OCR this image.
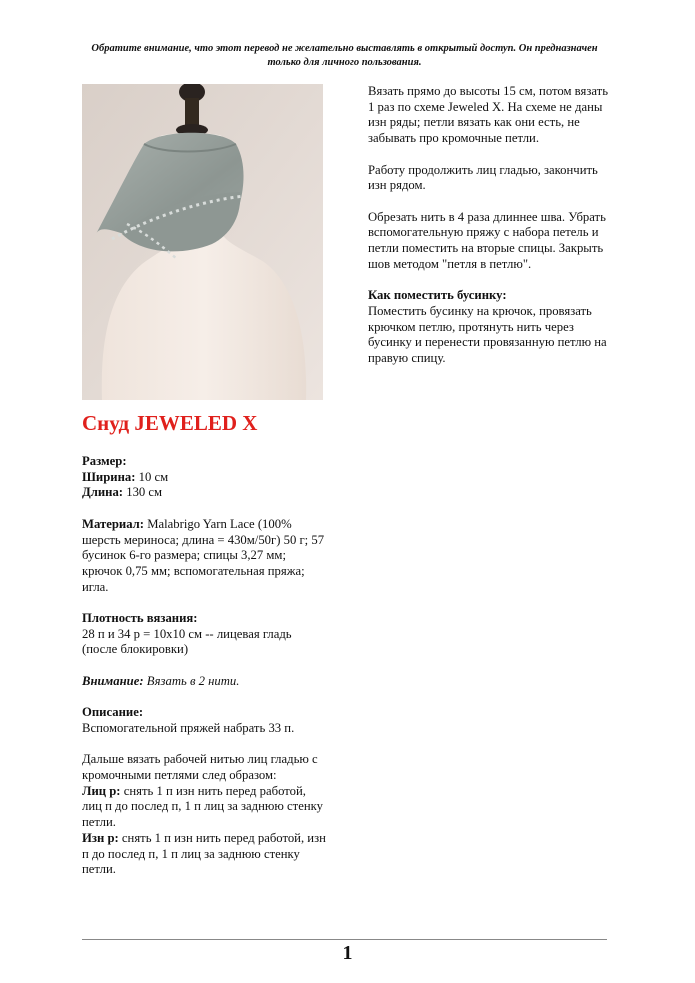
Обратите внимание, что этот перевод не желательно выставлять в открытый доступ. Он предназначен только для личного пользования.
Снуд JEWELED X
Размер:
Ширина: 10 см
Длина: 130 см

Материал: Malabrigo Yarn Lace (100% шерсть мериноса; длина = 430м/50г) 50 г; 57 бусинок 6-го размера; спицы 3,27 мм; крючок 0,75 мм; вспомогательная пряжа; игла.

Плотность вязания:
28 п и 34 р = 10х10 см -- лицевая гладь (после блокировки)

Внимание: Вязать в 2 нити.

Описание:
Вспомогательной пряжей набрать 33 п.

Дальше вязать рабочей нитью лиц гладью с кромочными петлями след образом:
Лиц р: снять 1 п изн нить перед работой, лиц п до послед п, 1 п лиц за заднюю стенку петли.
Изн р: снять 1 п изн нить перед работой, изн п до послед п, 1 п лиц за заднюю стенку петли.

Вязать прямо до высоты 15 см, потом вязать 1 раз по схеме Jeweled X. На схеме не даны изн ряды; петли вязать как они есть, не забывать про кромочные петли.

Работу продолжить лиц гладью, закончить изн рядом.

Обрезать нить в 4 раза длиннее шва. Убрать вспомогательную пряжу с набора петель и петли поместить на вторые спицы. Закрыть шов методом "петля в петлю".

Как поместить бусинку:
Поместить бусинку на крючок, провязать крючком петлю, протянуть нить через бусинку и перенести провязанную петлю на правую спицу.

1
